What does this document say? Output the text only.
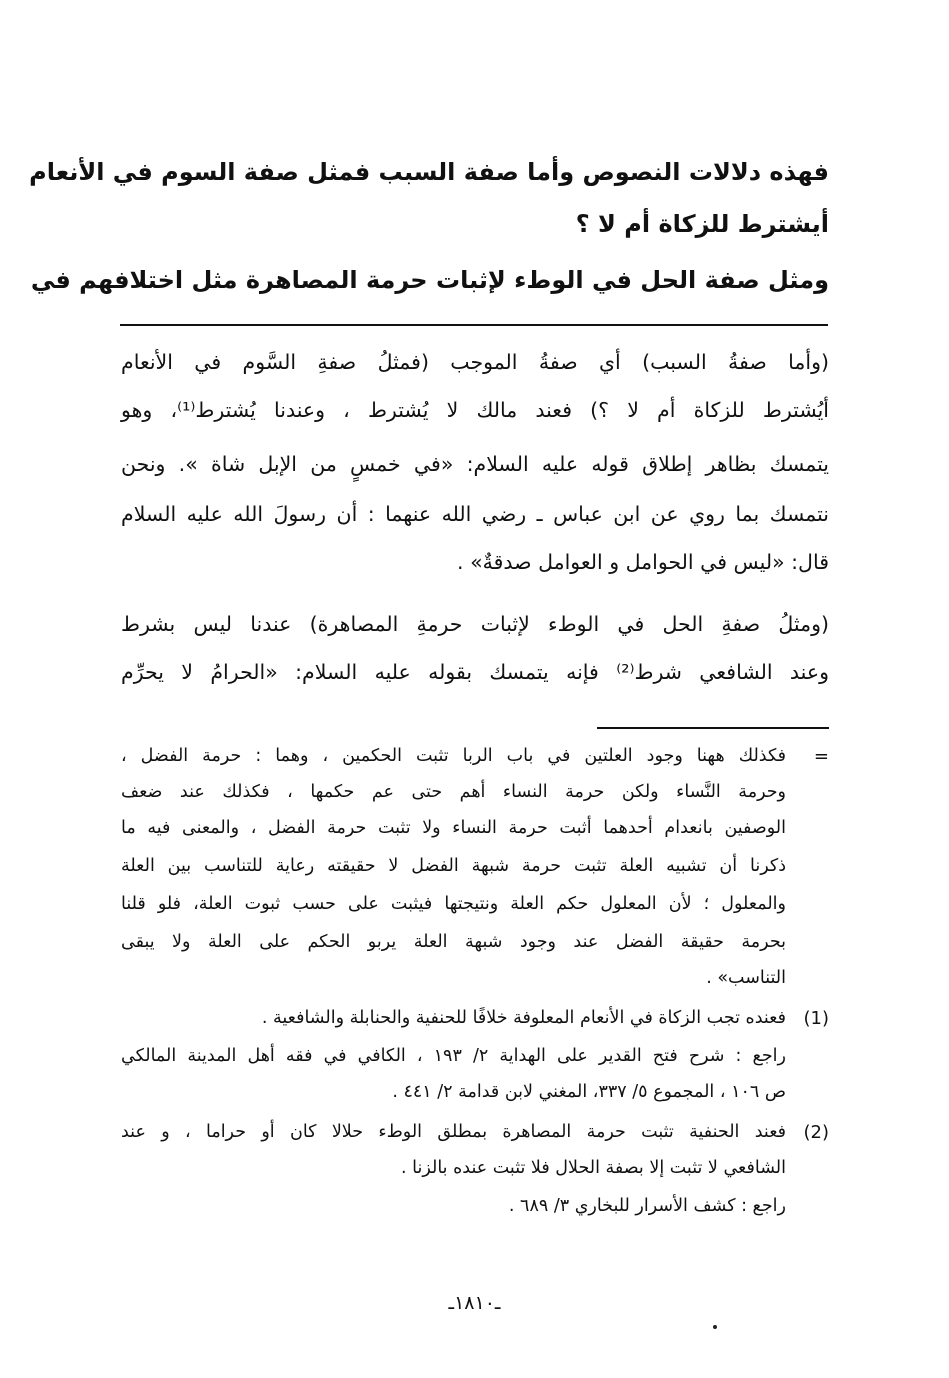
فهذه دلالات النصوص وأما صفة السبب فمثل صفة السوم في الأنعام
أيشترط للزكاة أم لا ؟
ومثل صفة الحل في الوطء لإثبات حرمة المصاهرة مثل اختلافهم في
(وأما صفةُ السبب) أي صفةُ الموجب (فمثلُ صفةِ السَّوم في الأنعام
أيُشترط للزكاة أم لا ؟) فعند مالك لا يُشترط ، وعندنا يُشترط⁽¹⁾، وهو
يتمسك بظاهر إطلاق قوله عليه السلام: «في خمسٍ من الإبل شاة ». ونحن
نتمسك بما روي عن ابن عباس ـ رضي الله عنهما : أن رسولَ الله عليه السلام
قال: «ليس في الحوامل و العوامل صدقةٌ» .
(ومثلُ صفةِ الحل في الوطء لإثبات حرمةِ المصاهرة) عندنا ليس بشرط
وعند الشافعي شرط⁽²⁾ فإنه يتمسك بقوله عليه السلام: «الحرامُ لا يحرِّم
=
فكذلك ههنا وجود العلتين في باب الربا تثبت الحكمين ، وهما : حرمة الفضل ،
وحرمة النَّساء ولكن حرمة النساء أهم حتى عم حكمها ، فكذلك عند ضعف
الوصفين بانعدام أحدهما أثبت حرمة النساء ولا تثبت حرمة الفضل ، والمعنى فيه ما
ذكرنا أن تشبيه العلة تثبت حرمة شبهة الفضل لا حقيقته رعاية للتناسب بين العلة
والمعلول ؛ لأن المعلول حكم العلة ونتيجتها فيثبت على حسب ثبوت العلة، فلو قلنا
بحرمة حقيقة الفضل عند وجود شبهة العلة يربو الحكم على العلة ولا يبقى
التناسب» .
(1)
فعنده تجب الزكاة في الأنعام المعلوفة خلافًا للحنفية والحنابلة والشافعية .
راجع : شرح فتح القدير على الهداية ٢/ ١٩٣ ، الكافي في فقه أهل المدينة المالكي
ص ١٠٦ ، المجموع ٥/ ٣٣٧، المغني لابن قدامة ٢/ ٤٤١ .
(2)
فعند الحنفية تثبت حرمة المصاهرة بمطلق الوطء حلالا كان أو حراما ، و عند
الشافعي لا تثبت إلا بصفة الحلال فلا تثبت عنده بالزنا .
راجع : كشف الأسرار للبخاري ٣/ ٦٨٩ .
ـ١٨١٠ـ
